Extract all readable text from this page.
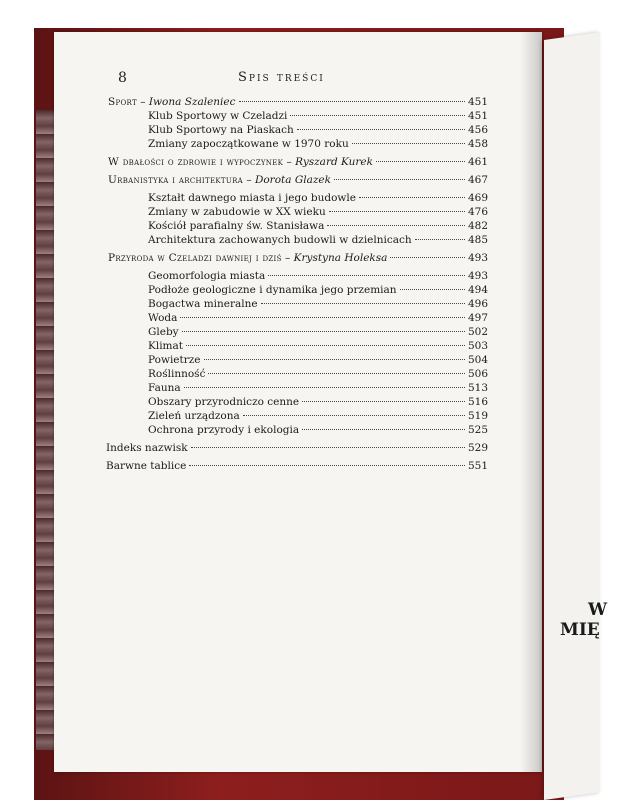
W
MIĘ
8	Spis treści
Sport – Iwona Szaleniec	451
Klub Sportowy w Czeladzi	451
Klub Sportowy na Piaskach	456
Zmiany zapoczątkowane w 1970 roku	458
W dbałości o zdrowie i wypoczynek – Ryszard Kurek	461
Urbanistyka i architektura – Dorota Glazek	467
Kształt dawnego miasta i jego budowle	469
Zmiany w zabudowie w XX wieku	476
Kościół parafialny św. Stanisława	482
Architektura zachowanych budowli w dzielnicach	485
Przyroda w Czeladzi dawniej i dziś – Krystyna Holeksa	493
Geomorfologia miasta	493
Podłoże geologiczne i dynamika jego przemian	494
Bogactwa mineralne	496
Woda	497
Gleby	502
Klimat	503
Powietrze	504
Roślinność	506
Fauna	513
Obszary przyrodniczo cenne	516
Zieleń urządzona	519
Ochrona przyrody i ekologia	525
Indeks nazwisk	529
Barwne tablice	551
